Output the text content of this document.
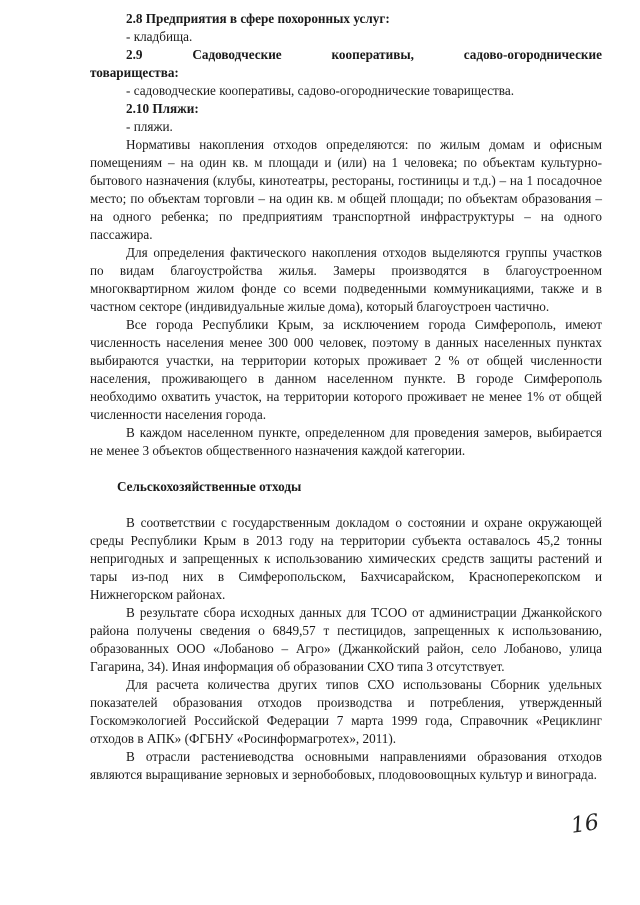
2.8 Предприятия в сфере похоронных услуг:

- кладбища.

2.9	Садоводческие	кооперативы,	садово-огороднические

товарищества:

- садоводческие кооперативы, садово-огороднические товарищества.

2.10 Пляжи:

- пляжи.

Нормативы накопления отходов определяются: по жилым домам и офисным помещениям – на один кв. м площади и (или) на 1 человека; по объектам культурно-бытового назначения (клубы, кинотеатры, рестораны, гостиницы и т.д.) – на 1 посадочное место; по объектам торговли – на один кв. м общей площади; по объектам образования – на одного ребенка; по предприятиям транспортной инфраструктуры – на одного пассажира.

Для определения фактического накопления отходов выделяются группы участков по видам благоустройства жилья. Замеры производятся в благоустроенном многоквартирном жилом фонде со всеми подведенными коммуникациями, также и в частном секторе (индивидуальные жилые дома), который благоустроен частично.

Все города Республики Крым, за исключением города Симферополь, имеют численность населения менее 300 000 человек, поэтому в данных населенных пунктах выбираются участки, на территории которых проживает 2 % от общей численности населения, проживающего в данном населенном пункте. В городе Симферополь необходимо охватить участок, на территории которого проживает не менее 1% от общей численности населения города.

В каждом населенном пункте, определенном для проведения замеров, выбирается не менее 3 объектов общественного назначения каждой категории.

Сельскохозяйственные отходы

В соответствии с государственным докладом о состоянии и охране окружающей среды Республики Крым в 2013 году на территории субъекта оставалось 45,2 тонны непригодных и запрещенных к использованию химических средств защиты растений и тары из-под них в Симферопольском, Бахчисарайском, Красноперекопском и Нижнегорском районах.

В результате сбора исходных данных для ТСОО от администрации Джанкойского района получены сведения о 6849,57 т пестицидов, запрещенных к использованию, образованных ООО «Лобаново – Агро» (Джанкойский район, село Лобаново, улица Гагарина, 34). Иная информация об образовании СХО типа 3 отсутствует.

Для расчета количества других типов СХО использованы Сборник удельных показателей образования отходов производства и потребления, утвержденный Госкомэкологией Российской Федерации 7 марта 1999 года, Справочник «Рециклинг отходов в АПК» (ФГБНУ «Росинформагротех», 2011).

В отрасли растениеводства основными направлениями образования отходов являются выращивание зерновых и зернобобовых, плодовоовощных культур и винограда.

16
